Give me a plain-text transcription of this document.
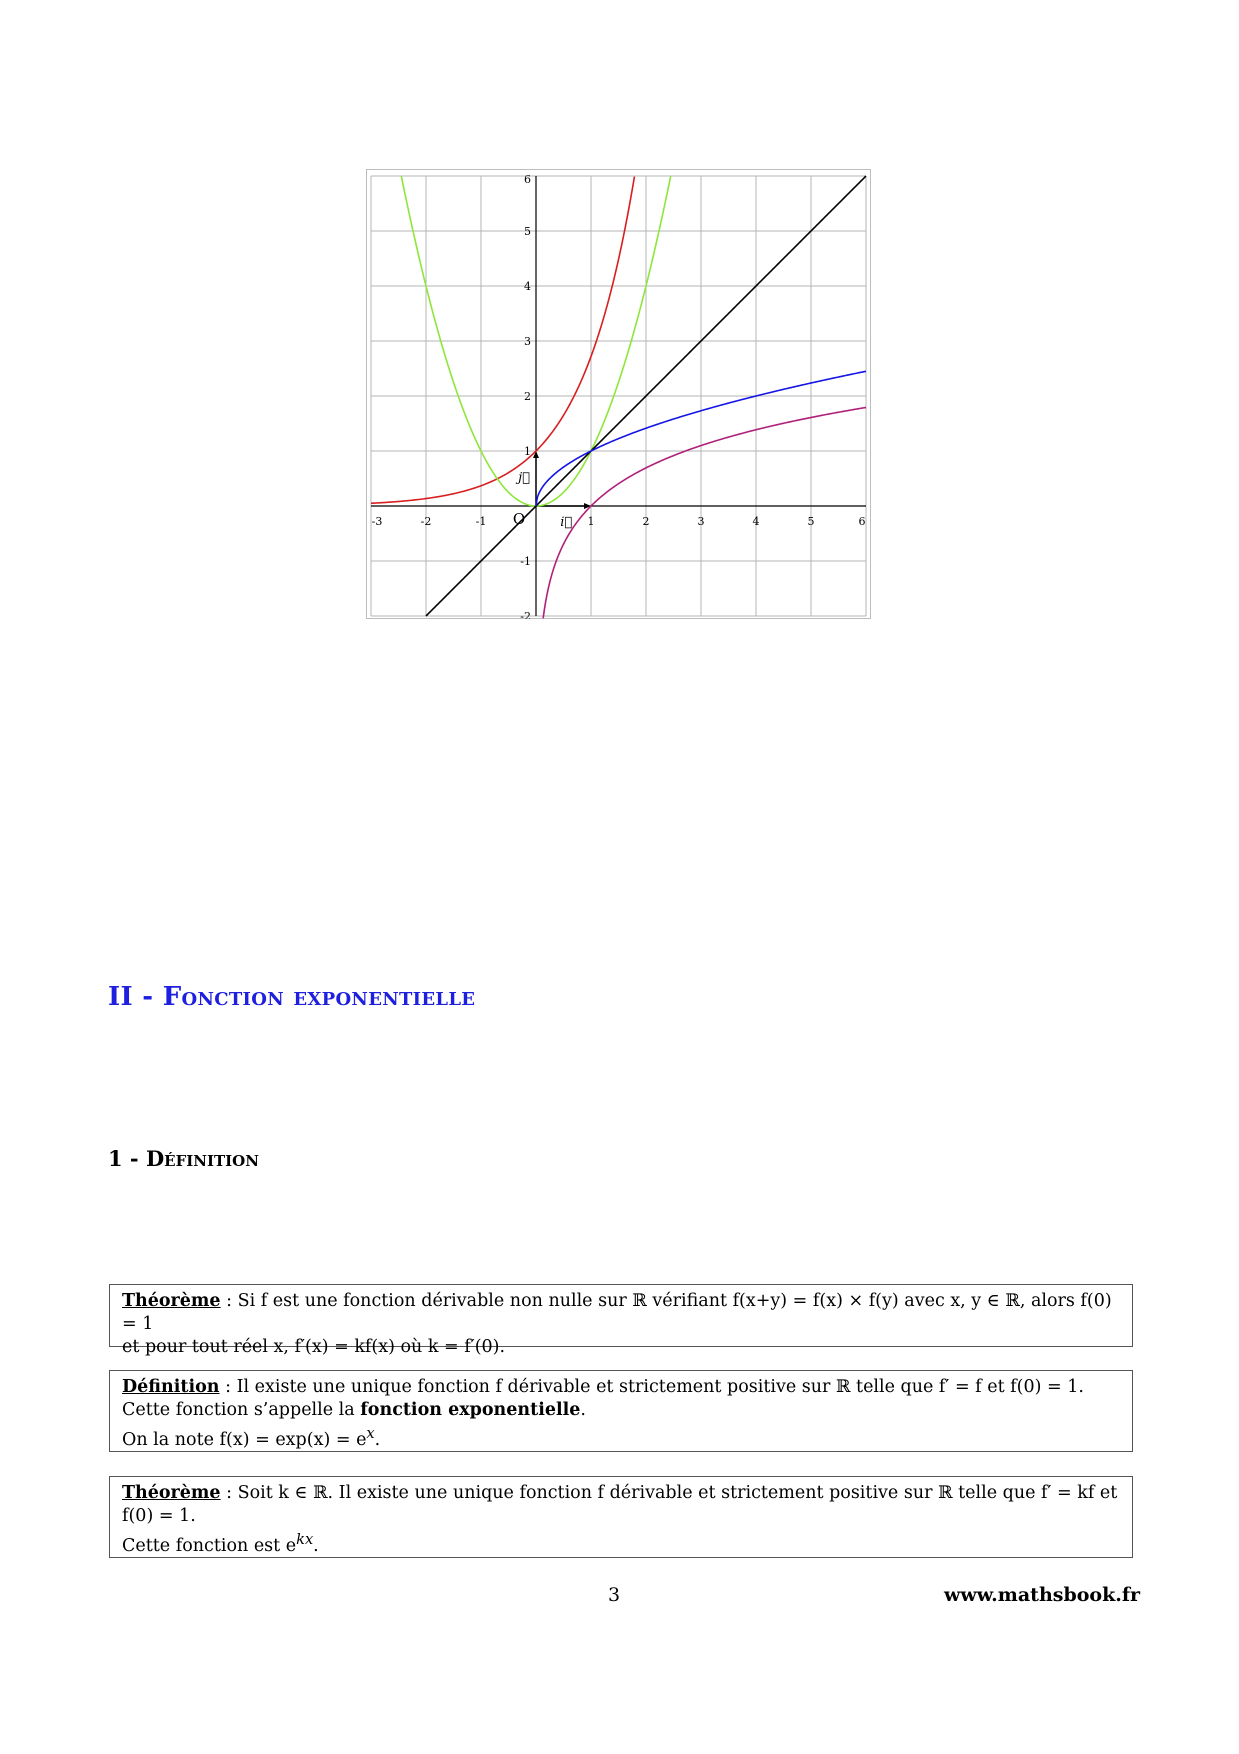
-3	-2	-1	1	2	3	4	5	6
6
5
4
3
2
1
-1
-2
O	i⃗
j⃗
II - Fonction exponentielle
1 - Définition

Théorème : Si f est une fonction dérivable non nulle sur ℝ vérifiant f(x+y) = f(x) × f(y) avec x, y ∈ ℝ, alors f(0) = 1

et pour tout réel x, f′(x) = kf(x) où k = f′(0).

Définition : Il existe une unique fonction f dérivable et strictement positive sur ℝ telle que f′ = f et f(0) = 1.

Cette fonction s’appelle la fonction exponentielle.

On la note $f(x) = \exp(x) = e^x$.

Théorème : Soit k ∈ ℝ. Il existe une unique fonction f dérivable et strictement positive sur ℝ telle que f′ = kf et

f(0) = 1.

Cette fonction est $e^{kx}$.

3	www.mathsbook.fr
